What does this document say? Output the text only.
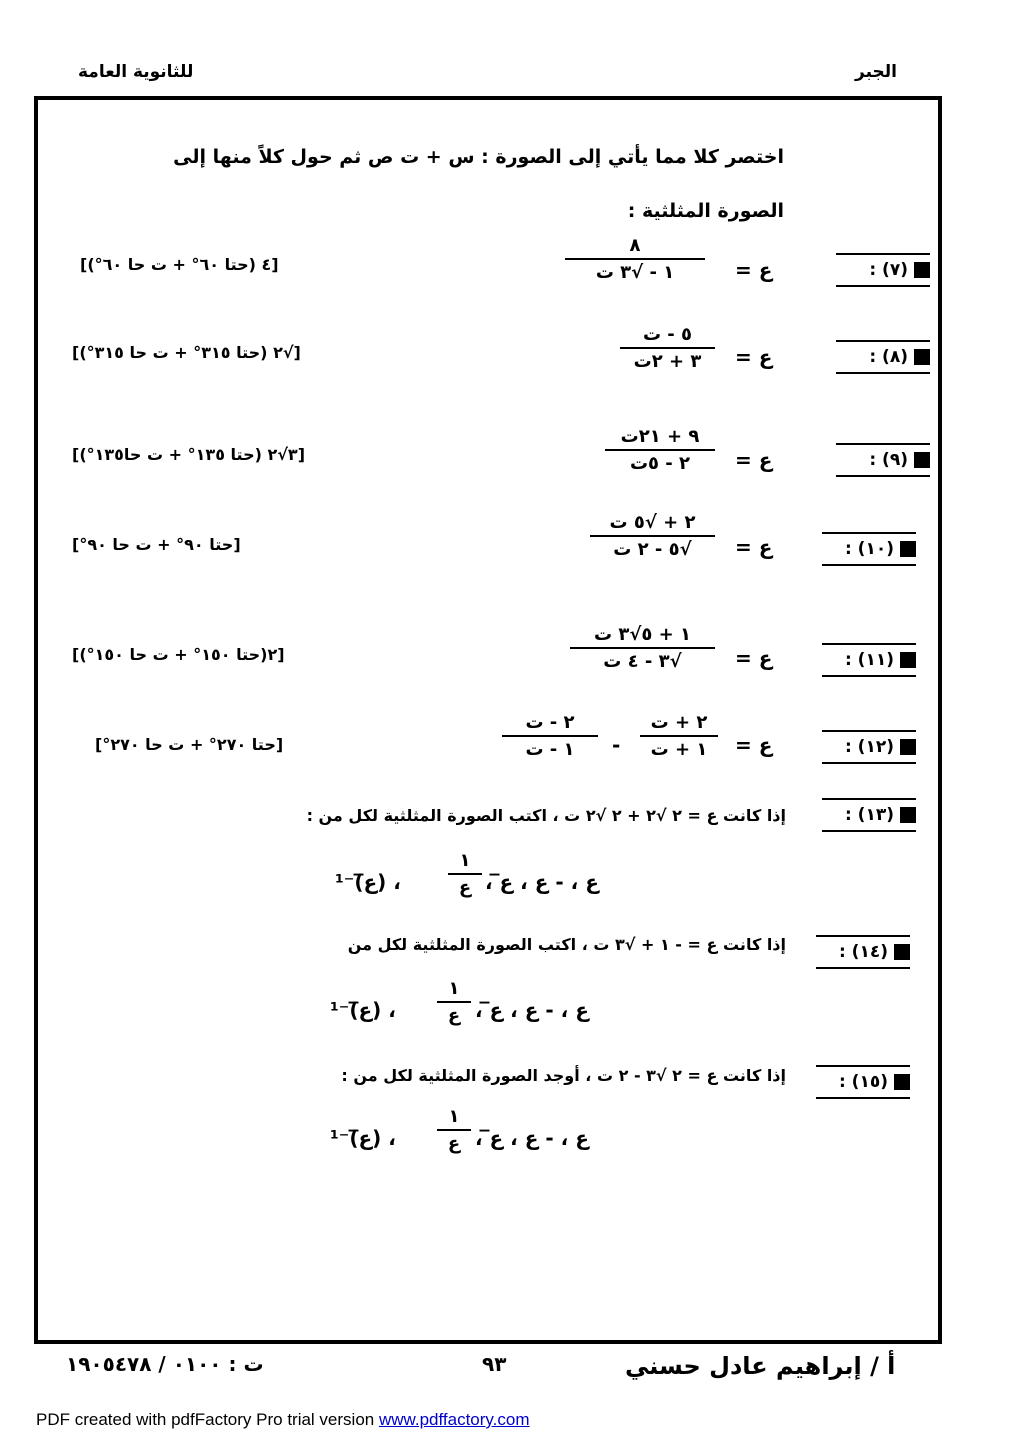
للثانوية العامة	الجبر
اختصر كلا مما يأتي إلى الصورة : س + ت ص ثم حول كلاً منها إلى
الصورة المثلثية :
(٧) :
ع =
٨
١ - √٣ ت
[٤ (حتا ٦٠° + ت حا ٦٠°)]
(٨) :
ع =
٥ - ت
٣ + ٢ت
[√٢ (حتا ٣١٥° + ت حا ٣١٥°)]
(٩) :
ع =
٩ + ٢١ت
٢ - ٥ت
[٣√٢ (حتا ١٣٥° + ت حا١٣٥°)]
(١٠) :
ع =
٢ + √٥ ت
√٥ - ٢ ت
[حتا ٩٠° + ت حا ٩٠°]
(١١) :
ع =
١ + ٥√٣ ت
√٣ - ٤ ت
[٢(حتا ١٥٠° + ت حا ١٥٠°)]
(١٢) :
ع =
٢ + ت
١ + ت
-
٢ - ت
١ - ت
[حتا ٢٧٠° + ت حا ٢٧٠°]
(١٣) :
إذا كانت ع = ٢ √٢ + ٢ √٢ ت ، اكتب الصورة المثلثية لكل من :
ع ، - ع ، ع̅ ،
١
ع
، (ع̅)⁻¹
(١٤) :
إذا كانت ع = - ١ + √٣ ت ، اكتب الصورة المثلثية لكل من
ع ، - ع ، ع̅ ،
١
ع
، (ع̅)⁻¹
(١٥) :
إذا كانت ع = ٢ √٣ - ٢ ت ، أوجد الصورة المثلثية لكل من :
ع ، - ع ، ع̅ ،
١
ع
، (ع̅)⁻¹
أ / إبراهيم عادل حسني
٩٣
ت : ٠١٠٠ / ١٩٠٥٤٧٨
PDF created with pdfFactory Pro trial version www.pdffactory.com
